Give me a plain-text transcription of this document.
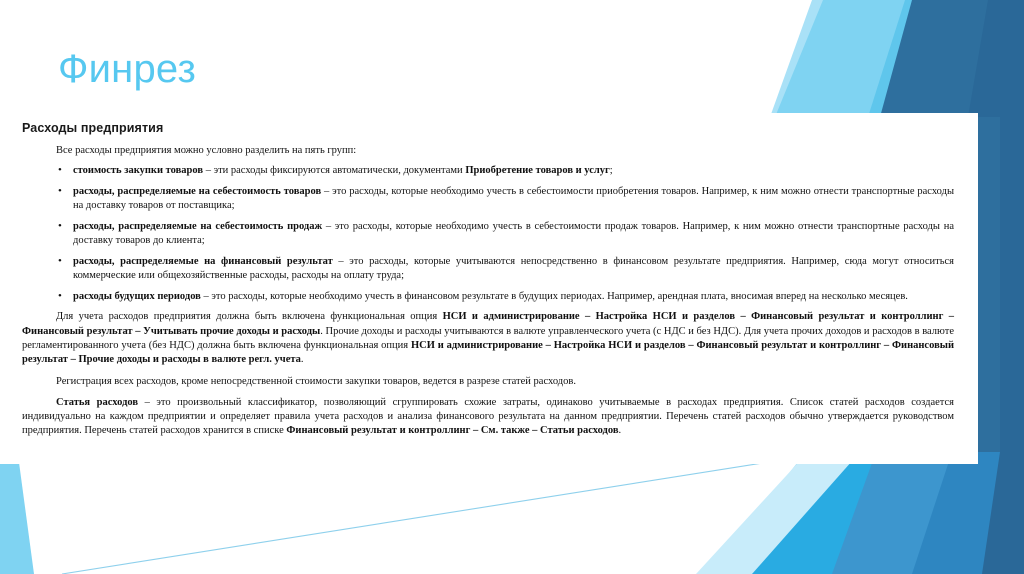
Финрез
Расходы предприятия

Все расходы предприятия можно условно разделить на пять групп:

• стоимость закупки товаров – эти расходы фиксируются автоматически, документами Приобретение товаров и услуг;
• расходы, распределяемые на себестоимость товаров – это расходы, которые необходимо учесть в себестоимости приобретения товаров. Например, к ним можно отнести транспортные расходы на доставку товаров от поставщика;
• расходы, распределяемые на себестоимость продаж – это расходы, которые необходимо учесть в себестоимости продаж товаров. Например, к ним можно отнести транспортные расходы на доставку товаров до клиента;
• расходы, распределяемые на финансовый результат – это расходы, которые учитываются непосредственно в финансовом результате предприятия. Например, сюда могут относиться коммерческие или общехозяйственные расходы, расходы на оплату труда;
• расходы будущих периодов – это расходы, которые необходимо учесть в финансовом результате в будущих периодах. Например, арендная плата, вносимая вперед на несколько месяцев.

Для учета расходов предприятия должна быть включена функциональная опция НСИ и администрирование – Настройка НСИ и разделов – Финансовый результат и контроллинг – Финансовый результат – Учитывать прочие доходы и расходы. Прочие доходы и расходы учитываются в валюте управленческого учета (с НДС и без НДС). Для учета прочих доходов и расходов в валюте регламентированного учета (без НДС) должна быть включена функциональная опция НСИ и администрирование – Настройка НСИ и разделов – Финансовый результат и контроллинг – Финансовый результат – Прочие доходы и расходы в валюте регл. учета.

Регистрация всех расходов, кроме непосредственной стоимости закупки товаров, ведется в разрезе статей расходов.

Статья расходов – это произвольный классификатор, позволяющий сгруппировать схожие затраты, одинаково учитываемые в расходах предприятия. Список статей расходов создается индивидуально на каждом предприятии и определяет правила учета расходов и анализа финансового результата на данном предприятии. Перечень статей расходов обычно утверждается руководством предприятия. Перечень статей расходов хранится в списке Финансовый результат и контроллинг – См. также – Статьи расходов.
